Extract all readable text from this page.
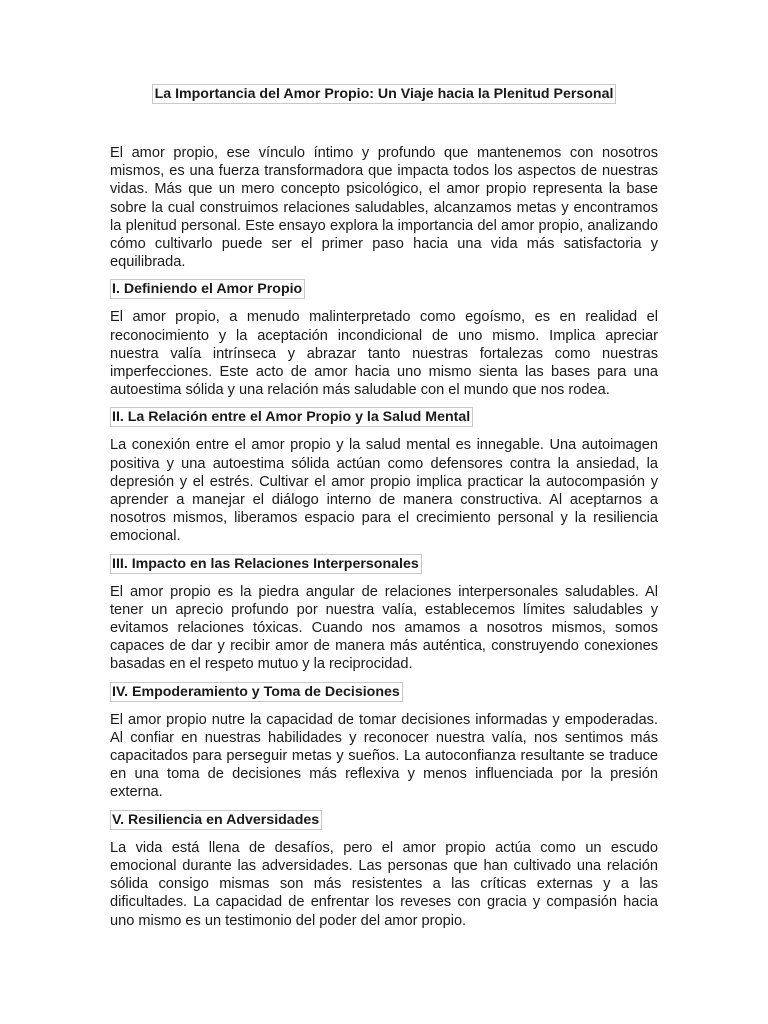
La Importancia del Amor Propio: Un Viaje hacia la Plenitud Personal

El amor propio, ese vínculo íntimo y profundo que mantenemos con nosotros mismos, es una fuerza transformadora que impacta todos los aspectos de nuestras vidas. Más que un mero concepto psicológico, el amor propio representa la base sobre la cual construimos relaciones saludables, alcanzamos metas y encontramos la plenitud personal. Este ensayo explora la importancia del amor propio, analizando cómo cultivarlo puede ser el primer paso hacia una vida más satisfactoria y equilibrada.

I. Definiendo el Amor Propio

El amor propio, a menudo malinterpretado como egoísmo, es en realidad el reconocimiento y la aceptación incondicional de uno mismo. Implica apreciar nuestra valía intrínseca y abrazar tanto nuestras fortalezas como nuestras imperfecciones. Este acto de amor hacia uno mismo sienta las bases para una autoestima sólida y una relación más saludable con el mundo que nos rodea.

II. La Relación entre el Amor Propio y la Salud Mental

La conexión entre el amor propio y la salud mental es innegable. Una autoimagen positiva y una autoestima sólida actúan como defensores contra la ansiedad, la depresión y el estrés. Cultivar el amor propio implica practicar la autocompasión y aprender a manejar el diálogo interno de manera constructiva. Al aceptarnos a nosotros mismos, liberamos espacio para el crecimiento personal y la resiliencia emocional.

III. Impacto en las Relaciones Interpersonales

El amor propio es la piedra angular de relaciones interpersonales saludables. Al tener un aprecio profundo por nuestra valía, establecemos límites saludables y evitamos relaciones tóxicas. Cuando nos amamos a nosotros mismos, somos capaces de dar y recibir amor de manera más auténtica, construyendo conexiones basadas en el respeto mutuo y la reciprocidad.

IV. Empoderamiento y Toma de Decisiones

El amor propio nutre la capacidad de tomar decisiones informadas y empoderadas. Al confiar en nuestras habilidades y reconocer nuestra valía, nos sentimos más capacitados para perseguir metas y sueños. La autoconfianza resultante se traduce en una toma de decisiones más reflexiva y menos influenciada por la presión externa.

V. Resiliencia en Adversidades

La vida está llena de desafíos, pero el amor propio actúa como un escudo emocional durante las adversidades. Las personas que han cultivado una relación sólida consigo mismas son más resistentes a las críticas externas y a las dificultades. La capacidad de enfrentar los reveses con gracia y compasión hacia uno mismo es un testimonio del poder del amor propio.
